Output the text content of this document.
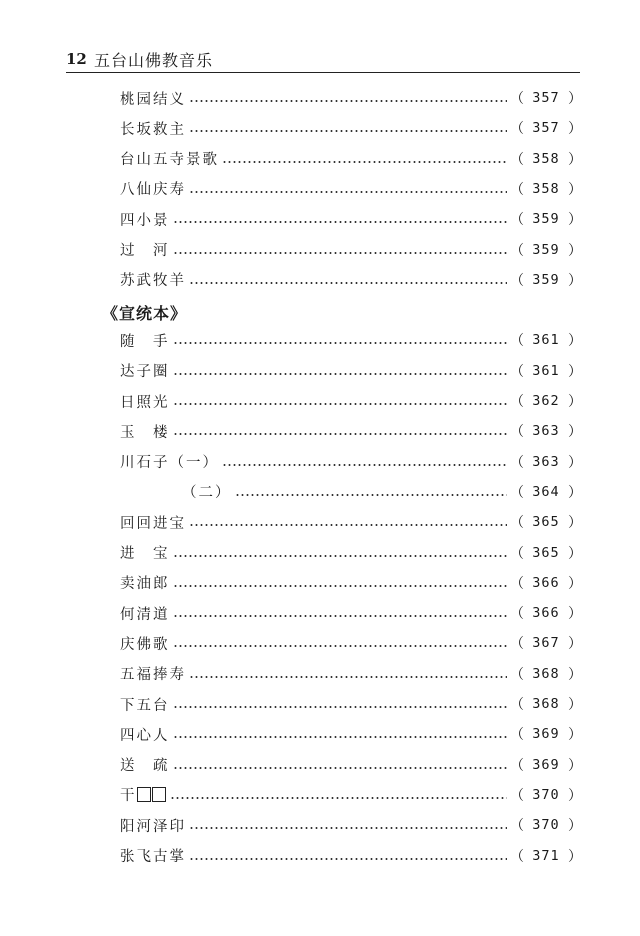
12 五台山佛教音乐
桃园结义	（ 357 ）
长坂救主	（ 357 ）
台山五寺景歌	（ 358 ）
八仙庆寿	（ 358 ）
四小景	（ 359 ）
过　河	（ 359 ）
苏武牧羊	（ 359 ）
《宣统本》
随　手	（ 361 ）
达子圈	（ 361 ）
日照光	（ 362 ）
玉　楼	（ 363 ）
川石子（一）	（ 363 ）
（二）	（ 364 ）
回回进宝	（ 365 ）
进　宝	（ 365 ）
卖油郎	（ 366 ）
何清道	（ 366 ）
庆佛歌	（ 367 ）
五福捧寿	（ 368 ）
下五台	（ 368 ）
四心人	（ 369 ）
送　疏	（ 369 ）
干	（ 370 ）
阳河泽印	（ 370 ）
张飞古掌	（ 371 ）
